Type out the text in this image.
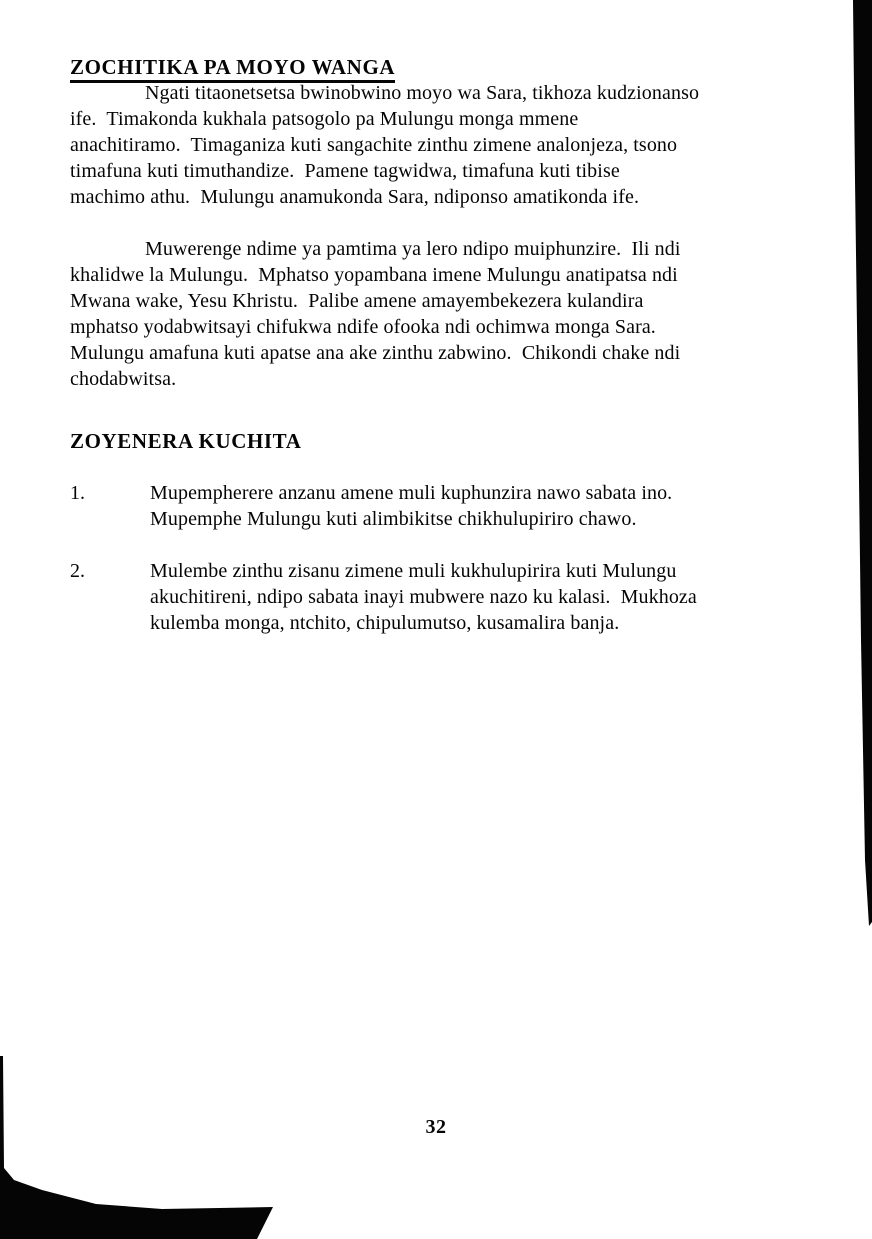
ZOCHITIKA PA MOYO WANGA
Ngati titaonetsetsa bwinobwino moyo wa Sara, tikhoza kudzionanso
ife.  Timakonda kukhala patsogolo pa Mulungu monga mmene
anachitiramo.  Timaganiza kuti sangachite zinthu zimene analonjeza, tsono
timafuna kuti timuthandize.  Pamene tagwidwa, timafuna kuti tibise
machimo athu.  Mulungu anamukonda Sara, ndiponso amatikonda ife.
Muwerenge ndime ya pamtima ya lero ndipo muiphunzire.  Ili ndi
khalidwe la Mulungu.  Mphatso yopambana imene Mulungu anatipatsa ndi
Mwana wake, Yesu Khristu.  Palibe amene amayembekezera kulandira
mphatso yodabwitsayi chifukwa ndife ofooka ndi ochimwa monga Sara.
Mulungu amafuna kuti apatse ana ake zinthu zabwino.  Chikondi chake ndi
chodabwitsa.
ZOYENERA KUCHITA
1.	Mupempherere anzanu amene muli kuphunzira nawo sabata ino.
Mupemphe Mulungu kuti alimbikitse chikhulupiriro chawo.
2.	Mulembe zinthu zisanu zimene muli kukhulupirira kuti Mulungu
akuchitireni, ndipo sabata inayi mubwere nazo ku kalasi.  Mukhoza
kulemba monga, ntchito, chipulumutso, kusamalira banja.
32
